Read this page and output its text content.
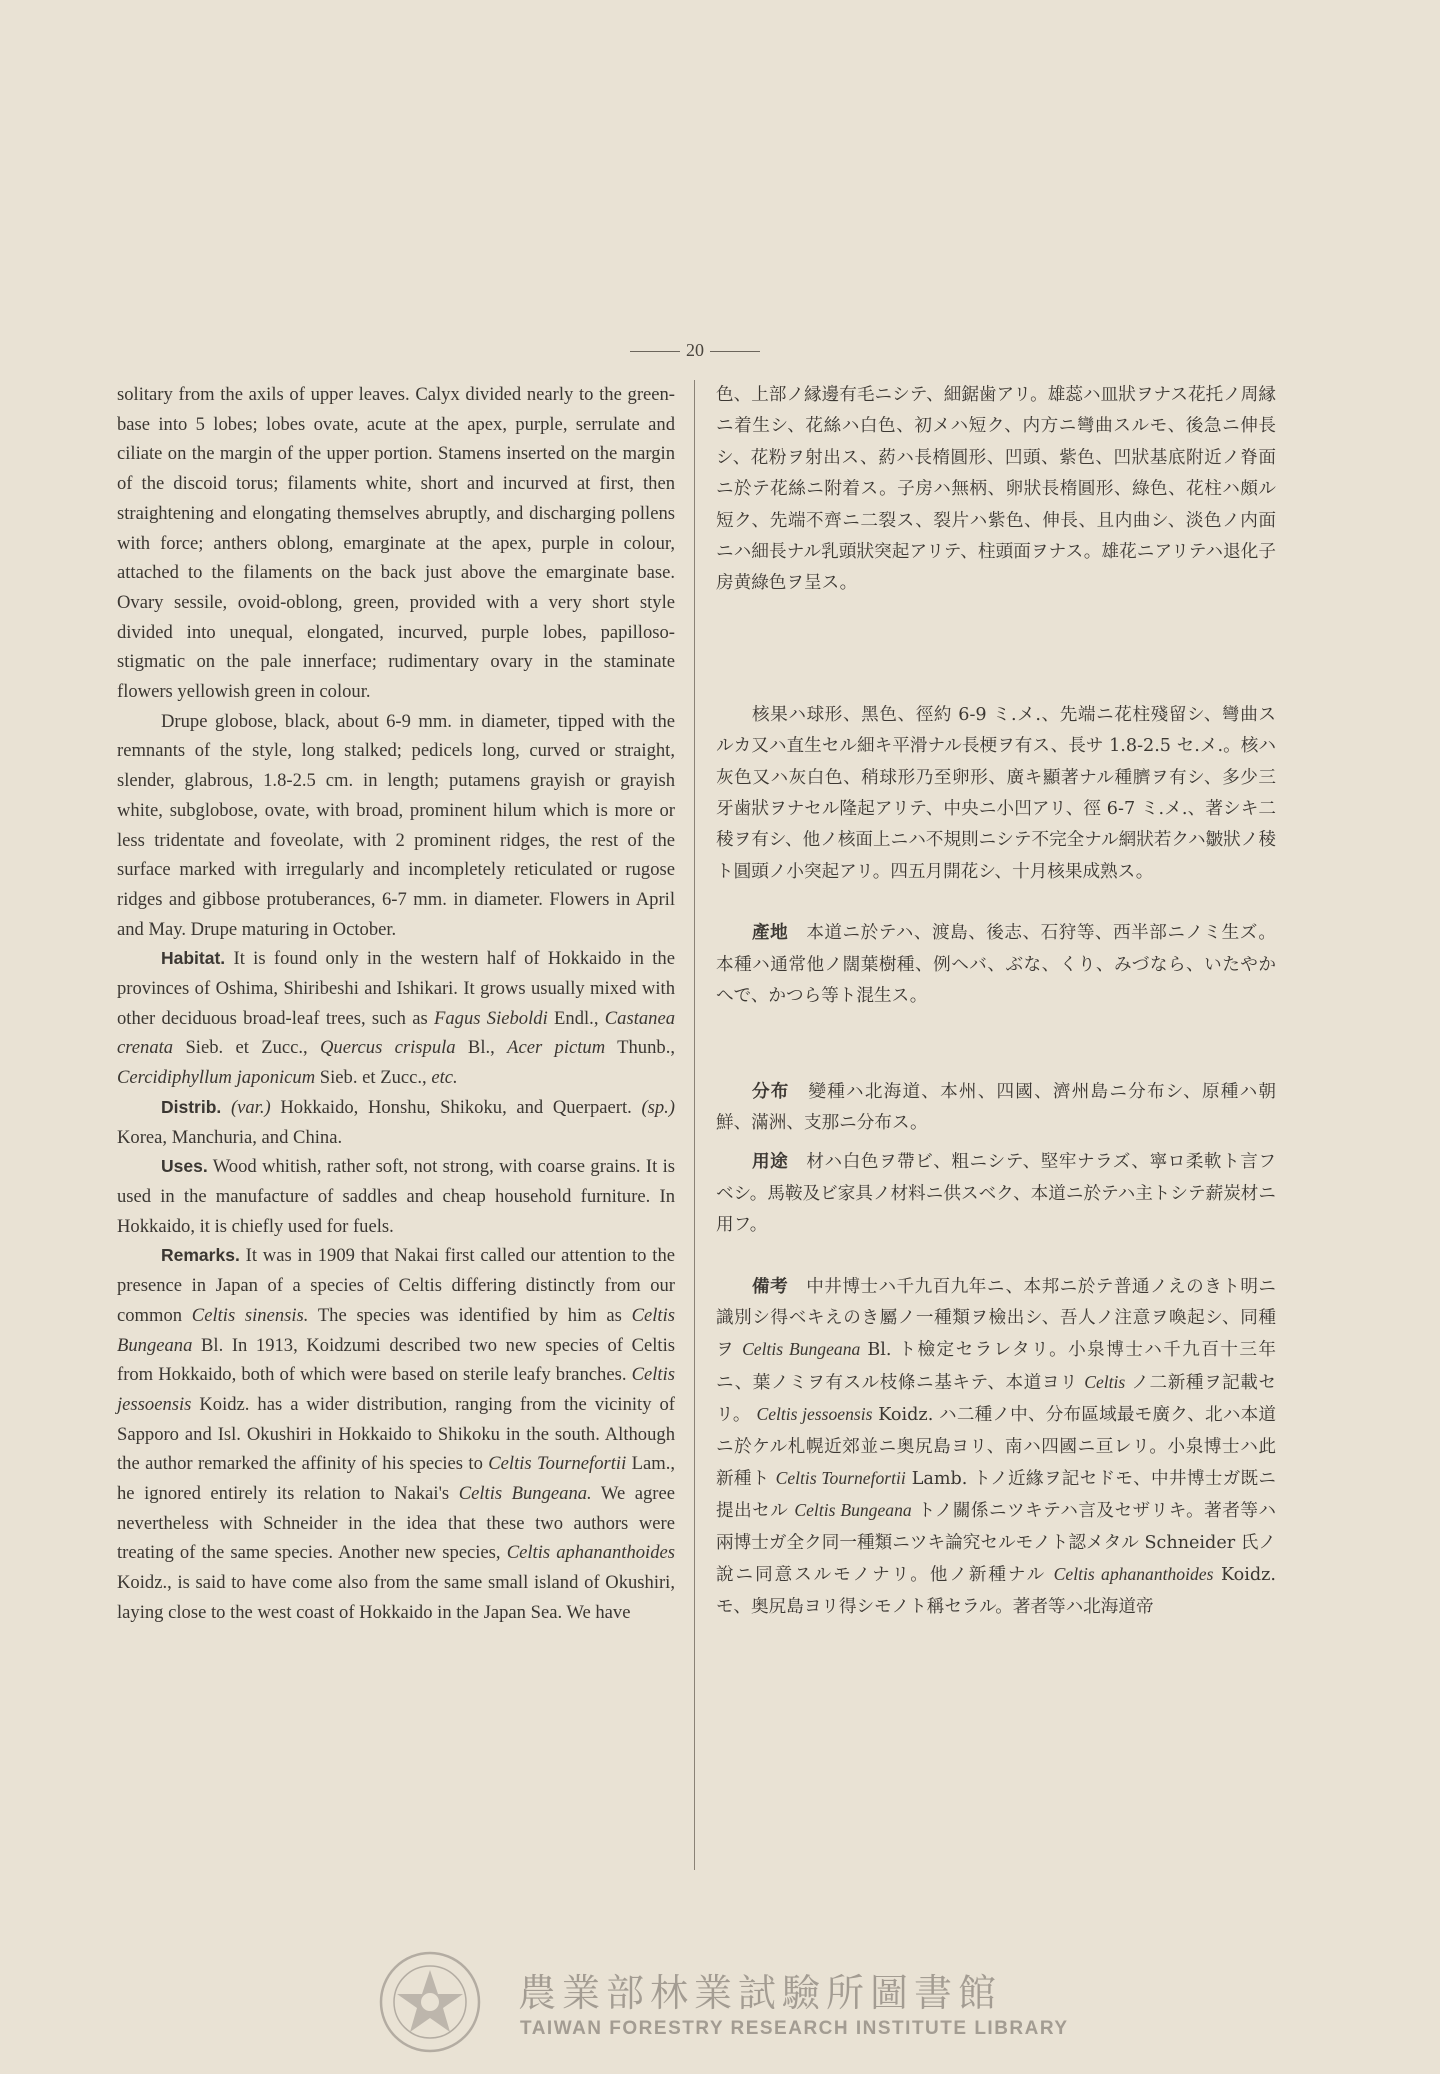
20

solitary from the axils of upper leaves. Calyx divided nearly to the green-base into 5 lobes; lobes ovate, acute at the apex, purple, serrulate and ciliate on the margin of the upper portion. Stamens inserted on the margin of the discoid torus; filaments white, short and incurved at first, then straightening and elongating themselves abruptly, and discharging pollens with force; anthers oblong, emarginate at the apex, purple in colour, attached to the filaments on the back just above the emarginate base. Ovary sessile, ovoid-oblong, green, provided with a very short style divided into unequal, elongated, incurved, purple lobes, papilloso-stigmatic on the pale innerface; rudimentary ovary in the staminate flowers yellowish green in colour.

Drupe globose, black, about 6-9 mm. in diameter, tipped with the remnants of the style, long stalked; pedicels long, curved or straight, slender, glabrous, 1.8-2.5 cm. in length; putamens grayish or grayish white, subglobose, ovate, with broad, prominent hilum which is more or less tridentate and foveolate, with 2 prominent ridges, the rest of the surface marked with irregularly and incompletely reticulated or rugose ridges and gibbose protuberances, 6-7 mm. in diameter. Flowers in April and May. Drupe maturing in October.

Habitat. It is found only in the western half of Hokkaido in the provinces of Oshima, Shiribeshi and Ishikari. It grows usually mixed with other deciduous broad-leaf trees, such as Fagus Sieboldi Endl., Castanea crenata Sieb. et Zucc., Quercus crispula Bl., Acer pictum Thunb., Cercidiphyllum japonicum Sieb. et Zucc., etc.

Distrib. (var.) Hokkaido, Honshu, Shikoku, and Querpaert. (sp.) Korea, Manchuria, and China.

Uses. Wood whitish, rather soft, not strong, with coarse grains. It is used in the manufacture of saddles and cheap household furniture. In Hokkaido, it is chiefly used for fuels.

Remarks. It was in 1909 that Nakai first called our attention to the presence in Japan of a species of Celtis differing distinctly from our common Celtis sinensis. The species was identified by him as Celtis Bungeana Bl. In 1913, Koidzumi described two new species of Celtis from Hokkaido, both of which were based on sterile leafy branches. Celtis jessoensis Koidz. has a wider distribution, ranging from the vicinity of Sapporo and Isl. Okushiri in Hokkaido to Shikoku in the south. Although the author remarked the affinity of his species to Celtis Tournefortii Lam., he ignored entirely its relation to Nakai's Celtis Bungeana. We agree nevertheless with Schneider in the idea that these two authors were treating of the same species. Another new species, Celtis aphananthoides Koidz., is said to have come also from the same small island of Okushiri, laying close to the west coast of Hokkaido in the Japan Sea. We have

色、上部ノ縁邊有毛ニシテ、細鋸歯アリ。雄蕊ハ皿狀ヲナス花托ノ周縁ニ着生シ、花絲ハ白色、初メハ短ク、内方ニ彎曲スルモ、後急ニ伸長シ、花粉ヲ射出ス、葯ハ長楕圓形、凹頭、紫色、凹狀基底附近ノ脊面ニ於テ花絲ニ附着ス。子房ハ無柄、卵狀長楕圓形、綠色、花柱ハ頗ル短ク、先端不齊ニ二裂ス、裂片ハ紫色、伸長、且内曲シ、淡色ノ内面ニハ細長ナル乳頭狀突起アリテ、柱頭面ヲナス。雄花ニアリテハ退化子房黄綠色ヲ呈ス。

核果ハ球形、黑色、徑約 6-9 ミ.メ.、先端ニ花柱殘留シ、彎曲スルカ又ハ直生セル細キ平滑ナル長梗ヲ有ス、長サ 1.8-2.5 セ.メ.。核ハ灰色又ハ灰白色、稍球形乃至卵形、廣キ顯著ナル種臍ヲ有シ、多少三牙歯狀ヲナセル隆起アリテ、中央ニ小凹アリ、徑 6-7 ミ.メ.、著シキ二稜ヲ有シ、他ノ核面上ニハ不規則ニシテ不完全ナル網狀若クハ皺狀ノ稜ト圓頭ノ小突起アリ。四五月開花シ、十月核果成熟ス。

產地　 本道ニ於テハ、渡島、後志、石狩等、西半部ニノミ生ズ。本種ハ通常他ノ闊葉樹種、例ヘバ、ぶな、くり、みづなら、いたやかへで、かつら等ト混生ス。

分布　 變種ハ北海道、本州、四國、濟州島ニ分布シ、原種ハ朝鮮、滿洲、支那ニ分布ス。

用途　 材ハ白色ヲ帶ビ、粗ニシテ、堅牢ナラズ、寧ロ柔軟ト言フベシ。馬鞍及ビ家具ノ材料ニ供スベク、本道ニ於テハ主トシテ薪炭材ニ用フ。

備考　 中井博士ハ千九百九年ニ、本邦ニ於テ普通ノえのきト明ニ識別シ得ベキえのき屬ノ一種類ヲ檢出シ、吾人ノ注意ヲ喚起シ、同種ヲ Celtis Bungeana Bl. ト檢定セラレタリ。小泉博士ハ千九百十三年ニ、葉ノミヲ有スル枝條ニ基キテ、本道ヨリ Celtis ノ二新種ヲ記載セリ。 Celtis jessoensis Koidz. ハ二種ノ中、分布區域最モ廣ク、北ハ本道ニ於ケル札幌近郊並ニ奥尻島ヨリ、南ハ四國ニ亘レリ。小泉博士ハ此新種ト Celtis Tournefortii Lamb. トノ近緣ヲ記セドモ、中井博士ガ既ニ提出セル Celtis Bungeana トノ關係ニツキテハ言及セザリキ。著者等ハ兩博士ガ全ク同一種類ニツキ論究セルモノト認メタル Schneider 氏ノ說ニ同意スルモノナリ。他ノ新種ナル Celtis aphananthoides Koidz. モ、奥尻島ヨリ得シモノト稱セラル。著者等ハ北海道帝

農業部林業試驗所圖書館
TAIWAN FORESTRY RESEARCH INSTITUTE LIBRARY
